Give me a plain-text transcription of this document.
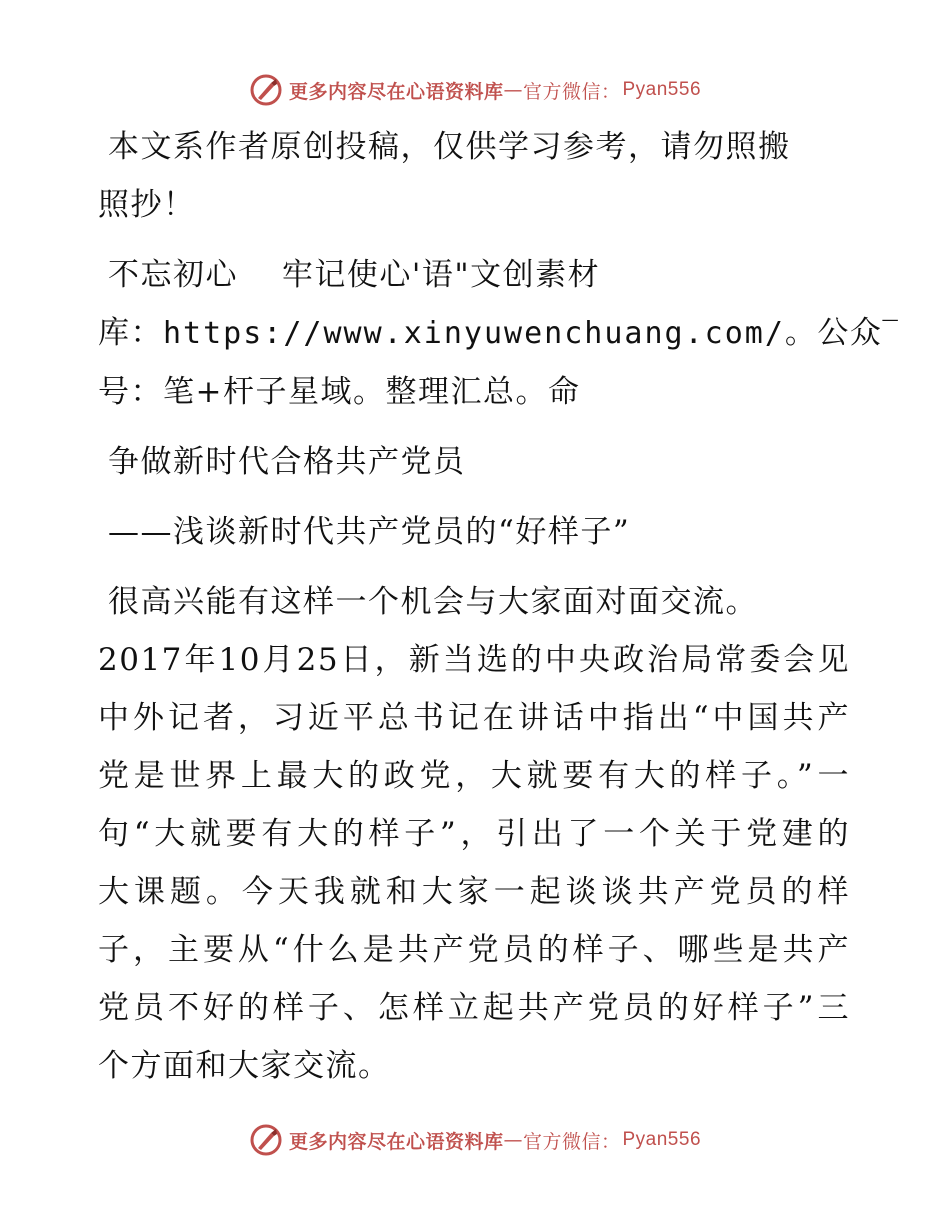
更多内容尽在心语资料库 — 官方微信： Pyan556
本文系作者原创投稿，仅供学习参考，请勿照搬
照抄！
不忘初心　 牢记使心'语"文创素材
库：https://www.xinyuwenchuang.com/。公众‾
号：笔+杆子星域。整理汇总。命
争做新时代合格共产党员
——浅谈新时代共产党员的“好样子”
很高兴能有这样一个机会与大家面对面交流。
2017年10月25日，新当选的中央政治局常委会见
中外记者，习近平总书记在讲话中指出“中国共产
党是世界上最大的政党，大就要有大的样子。”一
句“大就要有大的样子”，引出了一个关于党建的
大课题。今天我就和大家一起谈谈共产党员的样
子，主要从“什么是共产党员的样子、哪些是共产
党员不好的样子、怎样立起共产党员的好样子”三
个方面和大家交流。
更多内容尽在心语资料库 — 官方微信： Pyan556
